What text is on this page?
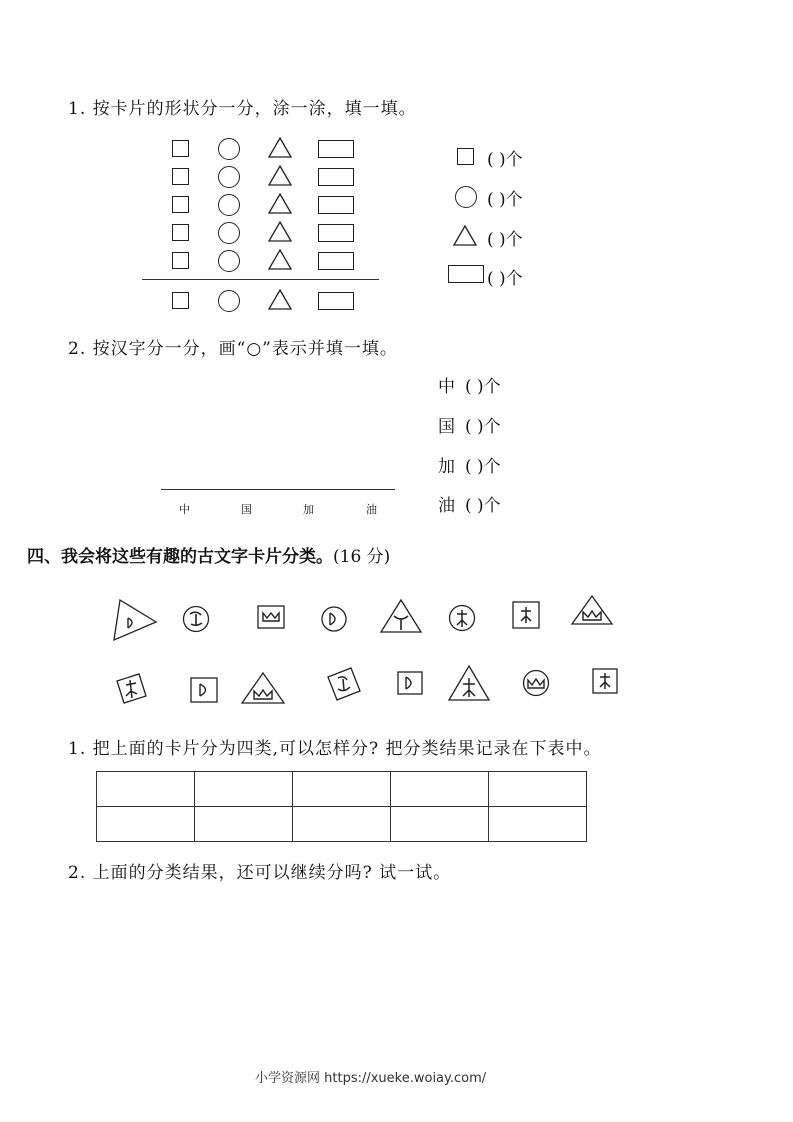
1. 按卡片的形状分一分，涂一涂，填一填。
( )个
( )个
( )个
( )个
2. 按汉字分一分，画“○”表示并填一填。
中 ( )个
国 ( )个
加 ( )个
油 ( )个
中	国	加	油
四、我会将这些有趣的古文字卡片分类。(16 分)
1. 把上面的卡片分为四类,可以怎样分? 把分类结果记录在下表中。

2. 上面的分类结果，还可以继续分吗? 试一试。
小学资源网 https://xueke.woiay.com/
